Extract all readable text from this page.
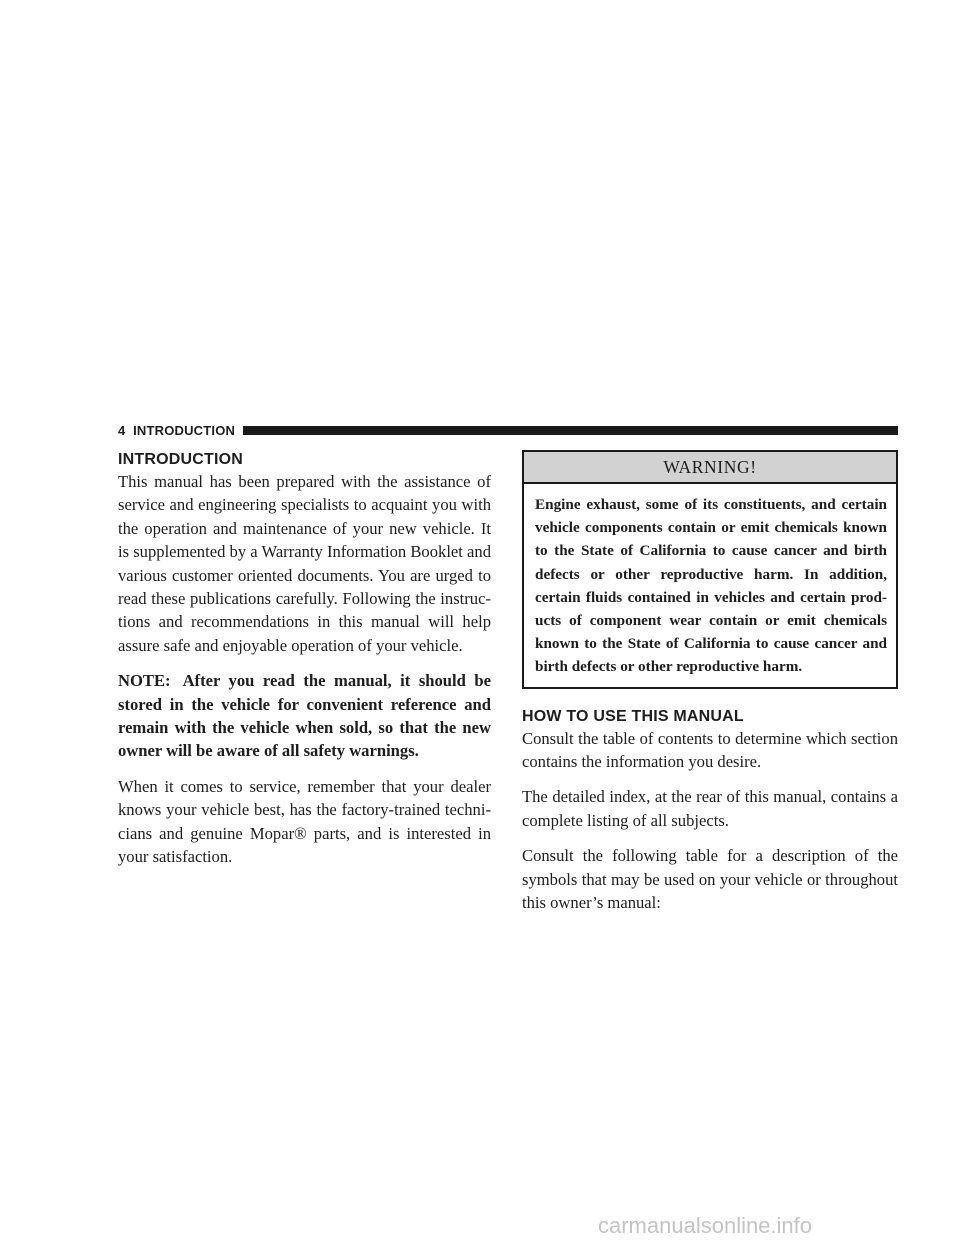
4 INTRODUCTION
INTRODUCTION

This manual has been prepared with the assistance of service and engineering specialists to acquaint you with the operation and maintenance of your new vehicle. It is supplemented by a Warranty Information Booklet and various customer oriented documents. You are urged to read these publications carefully. Following the instruc-tions and recommendations in this manual will help assure safe and enjoyable operation of your vehicle.

NOTE: After you read the manual, it should be stored in the vehicle for convenient reference and remain with the vehicle when sold, so that the new owner will be aware of all safety warnings.

When it comes to service, remember that your dealer knows your vehicle best, has the factory-trained techni-cians and genuine Mopar® parts, and is interested in your satisfaction.

WARNING!
Engine exhaust, some of its constituents, and certain vehicle components contain or emit chemicals known to the State of California to cause cancer and birth defects or other reproductive harm. In addition, certain fluids contained in vehicles and certain prod-ucts of component wear contain or emit chemicals known to the State of California to cause cancer and birth defects or other reproductive harm.
HOW TO USE THIS MANUAL

Consult the table of contents to determine which section contains the information you desire.

The detailed index, at the rear of this manual, contains a complete listing of all subjects.

Consult the following table for a description of the symbols that may be used on your vehicle or throughout this owner’s manual:

carmanualsonline.info
